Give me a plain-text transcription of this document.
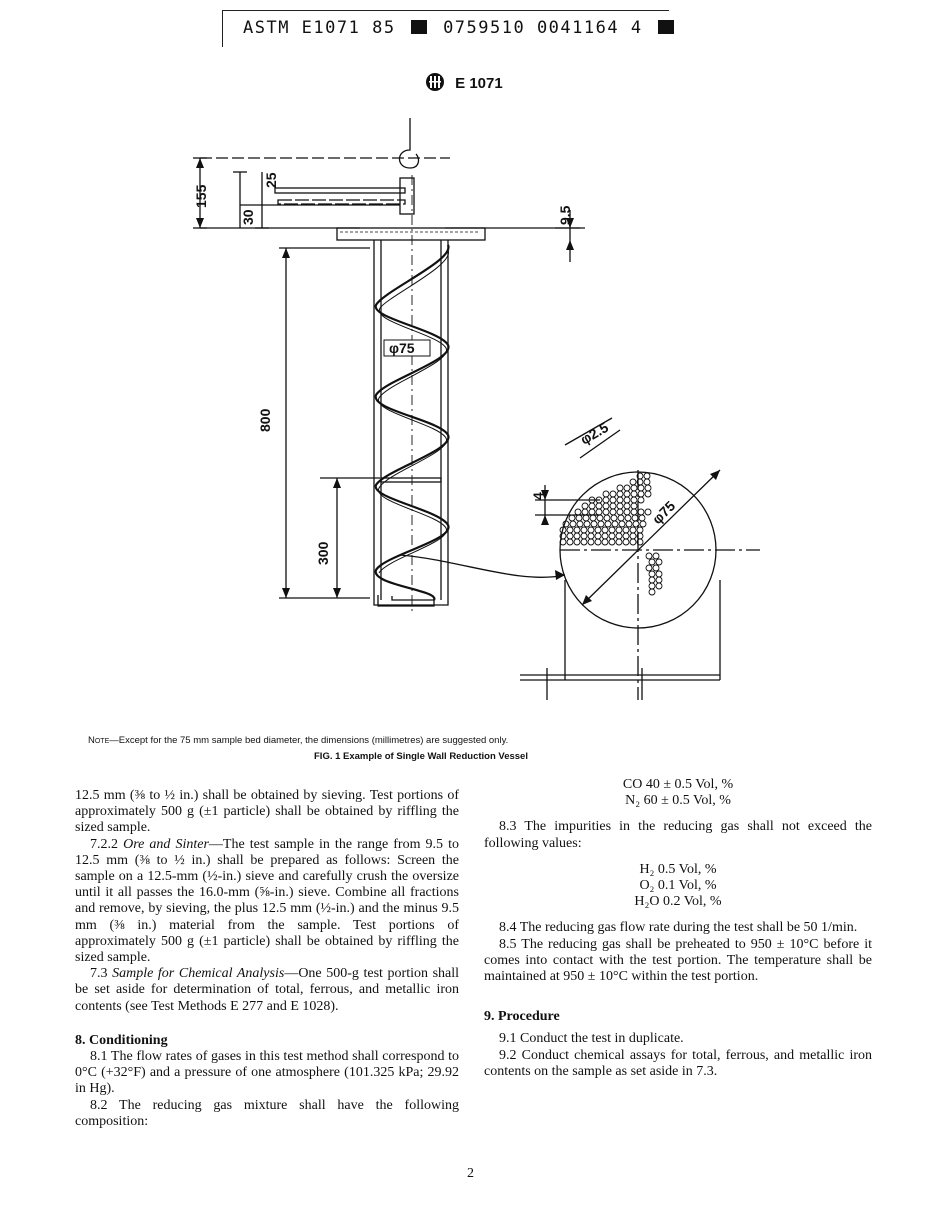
ASTM E1071 85	0759510 0041164 4
E 1071
155
25
30	9.5
φ75
800	φ2.5
4
φ75
300
Note—Except for the 75 mm sample bed diameter, the dimensions (millimetres) are suggested only.
FIG. 1 Example of Single Wall Reduction Vessel

12.5 mm (⅜ to ½ in.) shall be obtained by sieving. Test portions of approximately 500 g (±1 particle) shall be obtained by riffling the sized sample.

7.2.2 Ore and Sinter—The test sample in the range from 9.5 to 12.5 mm (⅜ to ½ in.) shall be prepared as follows: Screen the sample on a 12.5-mm (½-in.) sieve and carefully crush the oversize until it all passes the 16.0-mm (⅝-in.) sieve. Combine all fractions and remove, by sieving, the plus 12.5 mm (½-in.) and the minus 9.5 mm (⅜ in.) material from the sample. Test portions of approximately 500 g (±1 particle) shall be obtained by riffling the sized sample.

7.3 Sample for Chemical Analysis—One 500-g test portion shall be set aside for determination of total, ferrous, and metallic iron contents (see Test Methods E 277 and E 1028).

8. Conditioning

8.1 The flow rates of gases in this test method shall correspond to 0°C (+32°F) and a pressure of one atmosphere (101.325 kPa; 29.92 in Hg).

8.2 The reducing gas mixture shall have the following composition:

CO 40 ± 0.5 Vol, %

N₂ 60 ± 0.5 Vol, %

8.3 The impurities in the reducing gas shall not exceed the following values:

H₂ 0.5 Vol, %

O₂ 0.1 Vol, %

H₂O 0.2 Vol, %

8.4 The reducing gas flow rate during the test shall be 50 1/min.

8.5 The reducing gas shall be preheated to 950 ± 10°C before it comes into contact with the test portion. The temperature shall be maintained at 950 ± 10°C within the test portion.

9. Procedure

9.1 Conduct the test in duplicate.

9.2 Conduct chemical assays for total, ferrous, and metallic iron contents on the sample as set aside in 7.3.

2
